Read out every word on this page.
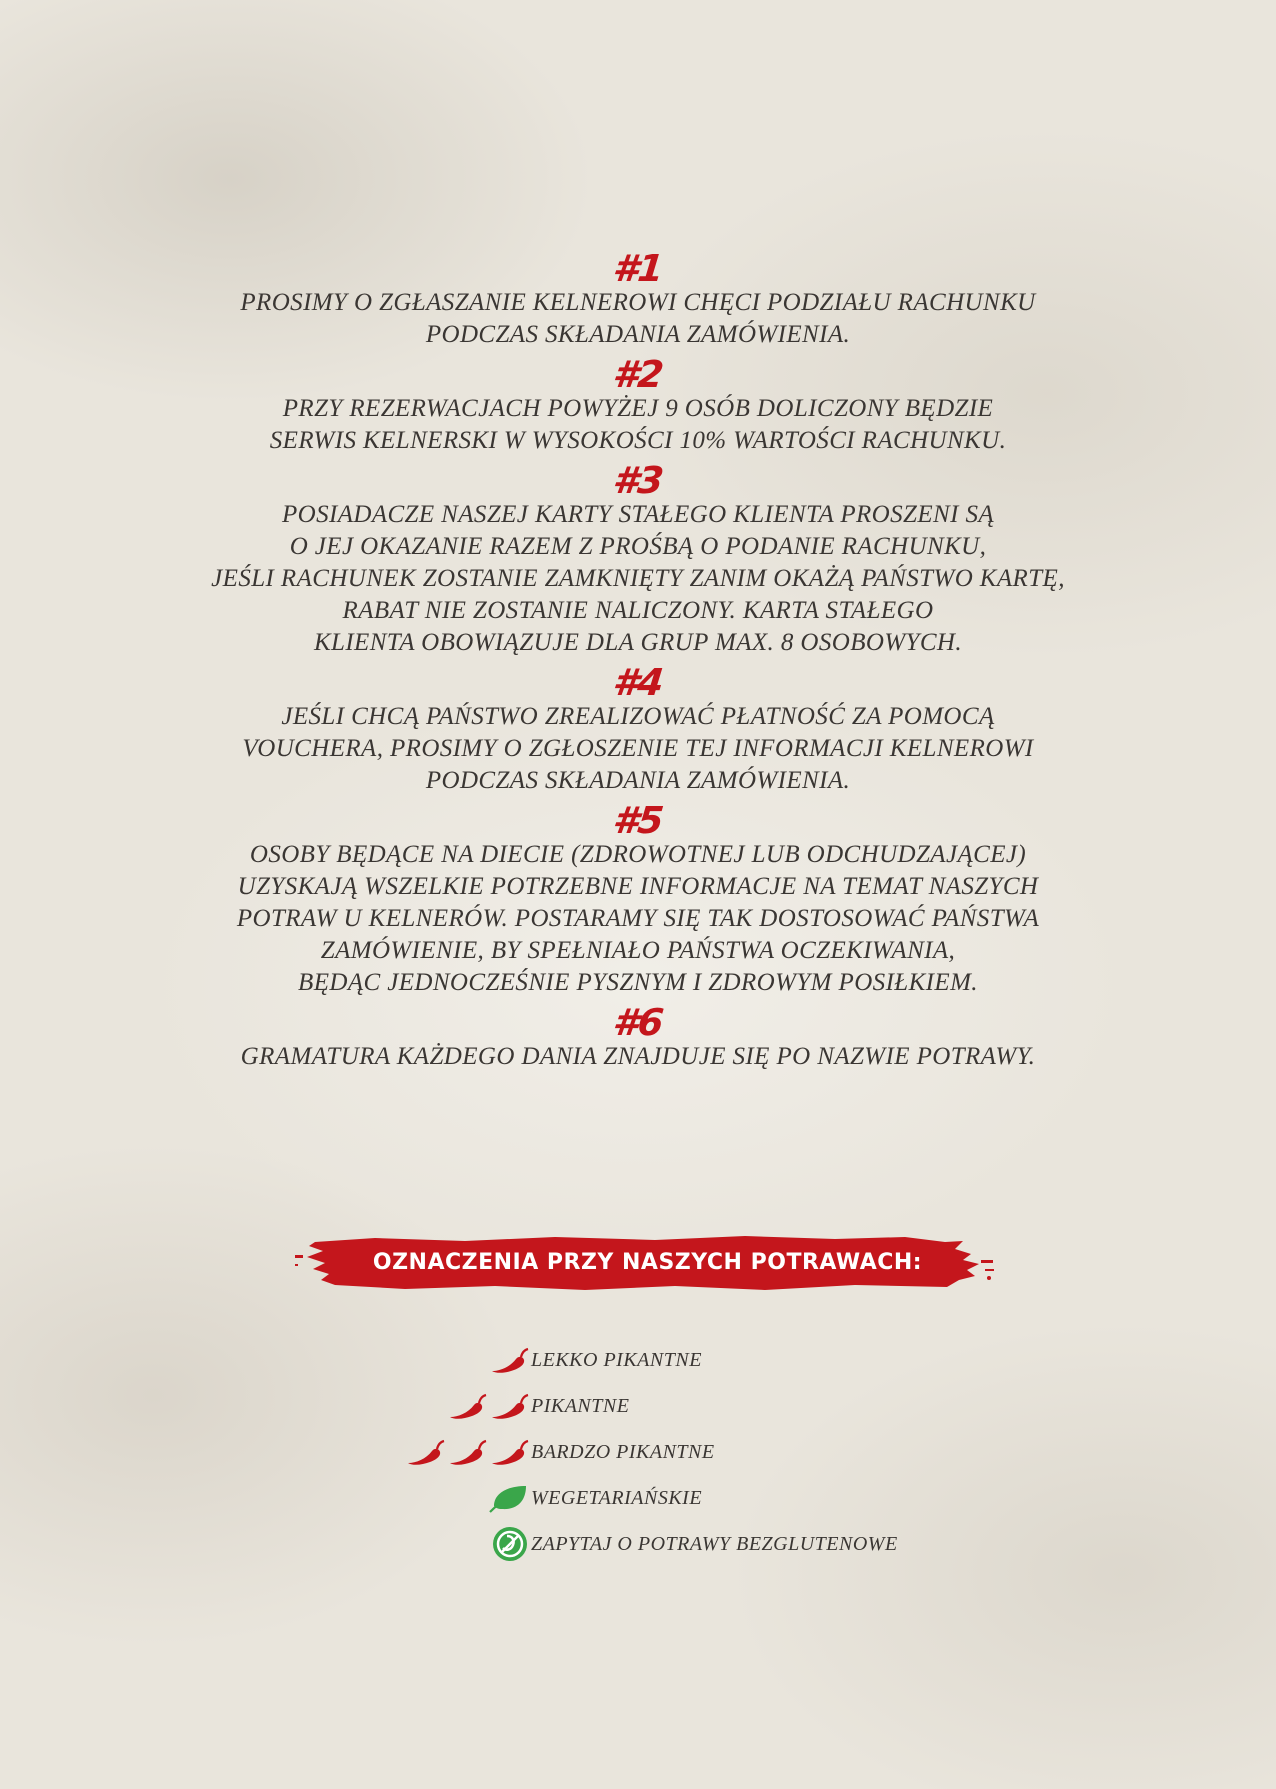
#1
PROSIMY O ZGŁASZANIE KELNEROWI CHĘCI PODZIAŁU RACHUNKU
PODCZAS SKŁADANIA ZAMÓWIENIA.
#2
PRZY REZERWACJACH POWYŻEJ 9 OSÓB DOLICZONY BĘDZIE
SERWIS KELNERSKI W WYSOKOŚCI 10% WARTOŚCI RACHUNKU.
#3
POSIADACZE NASZEJ KARTY STAŁEGO KLIENTA PROSZENI SĄ
O JEJ OKAZANIE RAZEM Z PROŚBĄ O PODANIE RACHUNKU,
JEŚLI RACHUNEK ZOSTANIE ZAMKNIĘTY ZANIM OKAŻĄ PAŃSTWO KARTĘ,
RABAT NIE ZOSTANIE NALICZONY. KARTA STAŁEGO
KLIENTA OBOWIĄZUJE DLA GRUP MAX. 8 OSOBOWYCH.
#4
JEŚLI CHCĄ PAŃSTWO ZREALIZOWAĆ PŁATNOŚĆ ZA POMOCĄ
VOUCHERA, PROSIMY O ZGŁOSZENIE TEJ INFORMACJI KELNEROWI
PODCZAS SKŁADANIA ZAMÓWIENIA.
#5
OSOBY BĘDĄCE NA DIECIE (ZDROWOTNEJ LUB ODCHUDZAJĄCEJ)
UZYSKAJĄ WSZELKIE POTRZEBNE INFORMACJE NA TEMAT NASZYCH
POTRAW U KELNERÓW. POSTARAMY SIĘ TAK DOSTOSOWAĆ PAŃSTWA
ZAMÓWIENIE, BY SPEŁNIAŁO PAŃSTWA OCZEKIWANIA,
BĘDĄC JEDNOCZEŚNIE PYSZNYM I ZDROWYM POSIŁKIEM.
#6
GRAMATURA KAŻDEGO DANIA ZNAJDUJE SIĘ PO NAZWIE POTRAWY.
OZNACZENIA PRZY NASZYCH POTRAWACH:
LEKKO PIKANTNE
PIKANTNE
BARDZO PIKANTNE
WEGETARIAŃSKIE
ZAPYTAJ O POTRAWY BEZGLUTENOWE
